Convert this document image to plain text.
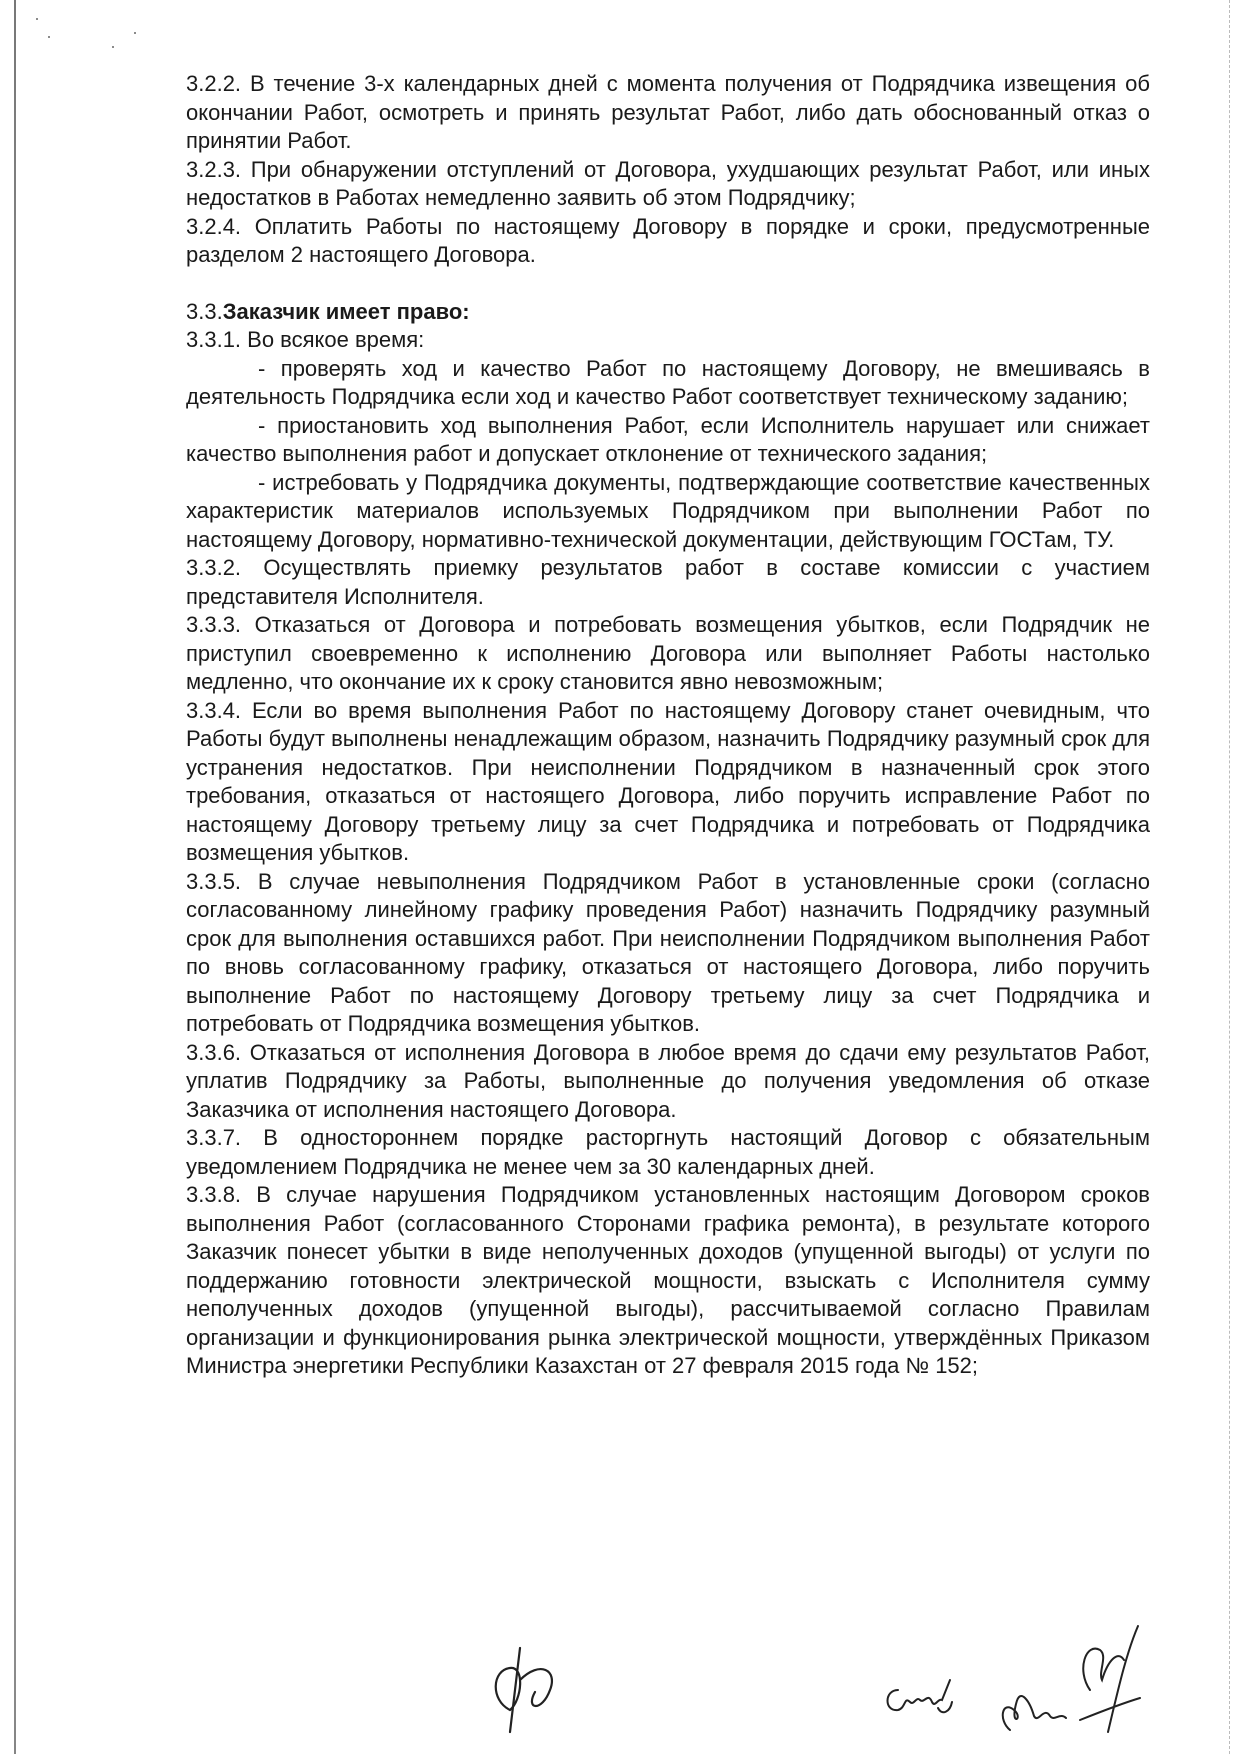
3.2.2. В течение 3-х календарных дней с момента получения от Подрядчика извещения об окончании Работ, осмотреть и принять результат Работ, либо дать обоснованный отказ о принятии Работ.

3.2.3. При обнаружении отступлений от Договора, ухудшающих результат Работ, или иных недостатков в Работах немедленно заявить об этом Подрядчику;

3.2.4. Оплатить Работы по настоящему Договору в порядке и сроки, предусмотренные разделом 2 настоящего Договора.

3.3.Заказчик имеет право:

3.3.1. Во всякое время:

- проверять ход и качество Работ по настоящему Договору, не вмешиваясь в деятельность Подрядчика если ход и качество Работ соответствует техническому заданию;

- приостановить ход выполнения Работ, если Исполнитель нарушает или снижает качество выполнения работ и допускает отклонение от технического задания;

- истребовать у Подрядчика документы, подтверждающие соответствие качественных характеристик материалов используемых Подрядчиком при выполнении Работ по настоящему Договору, нормативно-технической документации, действующим ГОСТам, ТУ.

3.3.2. Осуществлять приемку результатов работ в составе комиссии с участием представителя Исполнителя.

3.3.3. Отказаться от Договора и потребовать возмещения убытков, если Подрядчик не приступил своевременно к исполнению Договора или выполняет Работы настолько медленно, что окончание их к сроку становится явно невозможным;

3.3.4. Если во время выполнения Работ по настоящему Договору станет очевидным, что Работы будут выполнены ненадлежащим образом, назначить Подрядчику разумный срок для устранения недостатков. При неисполнении Подрядчиком в назначенный срок этого требования, отказаться от настоящего Договора, либо поручить исправление Работ по настоящему Договору третьему лицу за счет Подрядчика и потребовать от Подрядчика возмещения убытков.

3.3.5. В случае невыполнения Подрядчиком Работ в установленные сроки (согласно согласованному линейному графику проведения Работ) назначить Подрядчику разумный срок для выполнения оставшихся работ. При неисполнении Подрядчиком выполнения Работ по вновь согласованному графику, отказаться от настоящего Договора, либо поручить выполнение Работ по настоящему Договору третьему лицу за счет Подрядчика и потребовать от Подрядчика возмещения убытков.

3.3.6. Отказаться от исполнения Договора в любое время до сдачи ему результатов Работ, уплатив Подрядчику за Работы, выполненные до получения уведомления об отказе Заказчика от исполнения настоящего Договора.

3.3.7. В одностороннем порядке расторгнуть настоящий Договор с обязательным уведомлением Подрядчика не менее чем за 30 календарных дней.

3.3.8. В случае нарушения Подрядчиком установленных настоящим Договором сроков выполнения Работ (согласованного Сторонами графика ремонта), в результате которого Заказчик понесет убытки в виде неполученных доходов (упущенной выгоды) от услуги по поддержанию готовности электрической мощности, взыскать с Исполнителя сумму неполученных доходов (упущенной выгоды), рассчитываемой согласно Правилам организации и функционирования рынка электрической мощности, утверждённых Приказом Министра энергетики Республики Казахстан от 27 февраля 2015 года № 152;
